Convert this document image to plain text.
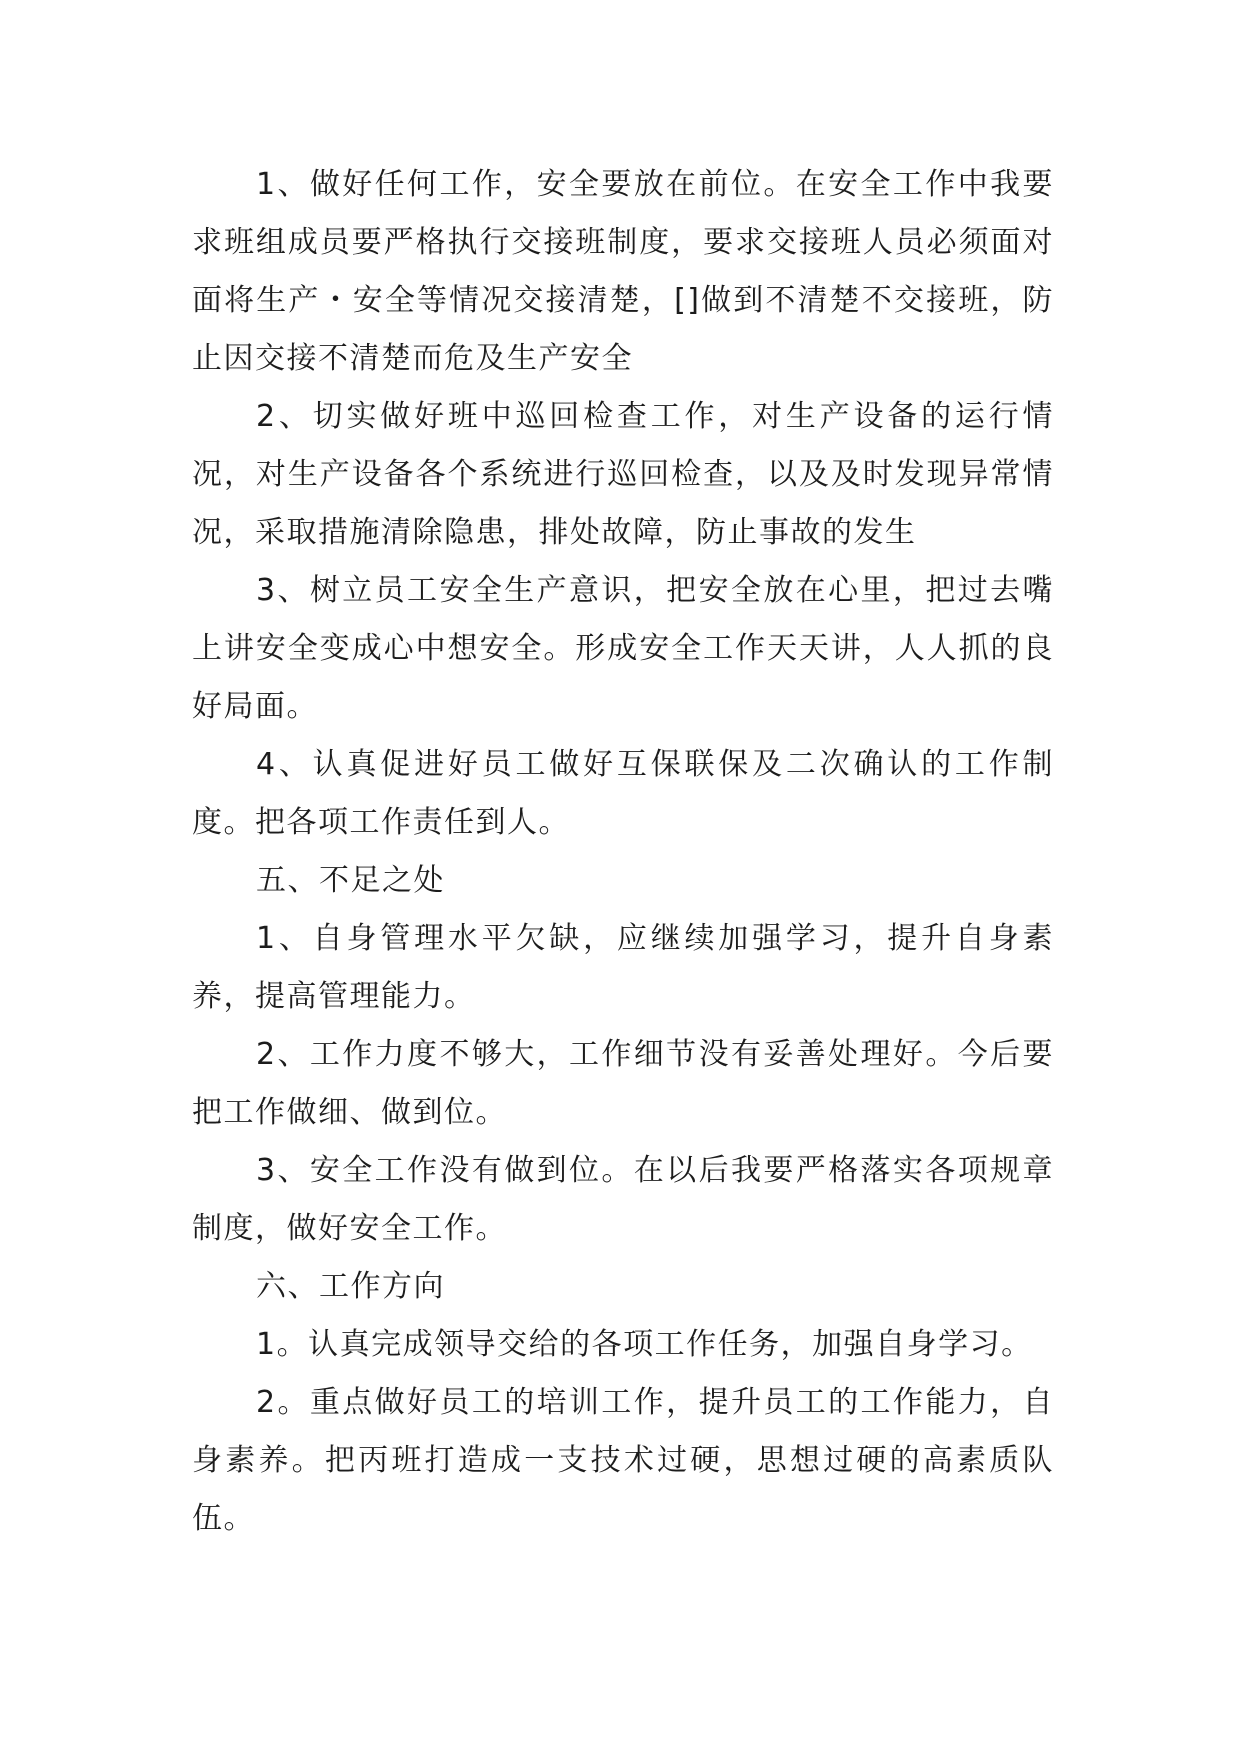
1、做好任何工作，安全要放在前位。在安全工作中我要求班组成员要严格执行交接班制度，要求交接班人员必须面对面将生产・安全等情况交接清楚，[]做到不清楚不交接班，防止因交接不清楚而危及生产安全

2、切实做好班中巡回检查工作，对生产设备的运行情况，对生产设备各个系统进行巡回检查，以及及时发现异常情况，采取措施清除隐患，排处故障，防止事故的发生

3、树立员工安全生产意识，把安全放在心里，把过去嘴上讲安全变成心中想安全。形成安全工作天天讲，人人抓的良好局面。

4、认真促进好员工做好互保联保及二次确认的工作制度。把各项工作责任到人。

五、不足之处

1、自身管理水平欠缺，应继续加强学习，提升自身素养，提高管理能力。

2、工作力度不够大，工作细节没有妥善处理好。今后要把工作做细、做到位。

3、安全工作没有做到位。在以后我要严格落实各项规章制度，做好安全工作。

六、工作方向

1。认真完成领导交给的各项工作任务，加强自身学习。

2。重点做好员工的培训工作，提升员工的工作能力，自身素养。把丙班打造成一支技术过硬，思想过硬的高素质队伍。
